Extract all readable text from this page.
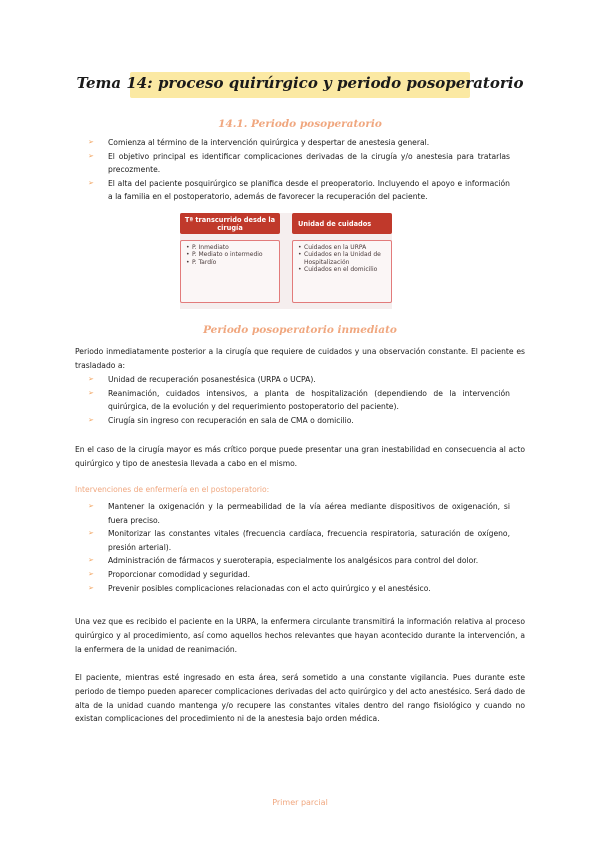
Tema 14: proceso quirúrgico y periodo posoperatorio
14.1. Periodo posoperatorio
➢ Comienza al término de la intervención quirúrgica y despertar de anestesia general.
➢ El objetivo principal es identificar complicaciones derivadas de la cirugía y/o anestesia para tratarlas precozmente.
➢ El alta del paciente posquirúrgico se planifica desde el preoperatorio. Incluyendo el apoyo e información a la familia en el postoperatorio, además de favorecer la recuperación del paciente.
Tª transcurrido desde la cirugía
• P. Inmediato
• P. Mediato o intermedio
• P. Tardío
Unidad de cuidados
• Cuidados en la URPA
• Cuidados en la Unidad de Hospitalización
• Cuidados en el domicilio
Periodo posoperatorio inmediato

Periodo inmediatamente posterior a la cirugía que requiere de cuidados y una observación constante. El paciente es trasladado a:

➢ Unidad de recuperación posanestésica (URPA o UCPA).
➢ Reanimación, cuidados intensivos, a planta de hospitalización (dependiendo de la intervención quirúrgica, de la evolución y del requerimiento postoperatorio del paciente).
➢ Cirugía sin ingreso con recuperación en sala de CMA o domicilio.

En el caso de la cirugía mayor es más crítico porque puede presentar una gran inestabilidad en consecuencia al acto quirúrgico y tipo de anestesia llevada a cabo en el mismo.

Intervenciones de enfermería en el postoperatorio:

➢ Mantener la oxigenación y la permeabilidad de la vía aérea mediante dispositivos de oxigenación, si fuera preciso.
➢ Monitorizar las constantes vitales (frecuencia cardíaca, frecuencia respiratoria, saturación de oxígeno, presión arterial).
➢ Administración de fármacos y sueroterapia, especialmente los analgésicos para control del dolor.
➢ Proporcionar comodidad y seguridad.
➢ Prevenir posibles complicaciones relacionadas con el acto quirúrgico y el anestésico.

Una vez que es recibido el paciente en la URPA, la enfermera circulante transmitirá la información relativa al proceso quirúrgico y al procedimiento, así como aquellos hechos relevantes que hayan acontecido durante la intervención, a la enfermera de la unidad de reanimación.

El paciente, mientras esté ingresado en esta área, será sometido a una constante vigilancia. Pues durante este periodo de tiempo pueden aparecer complicaciones derivadas del acto quirúrgico y del acto anestésico. Será dado de alta de la unidad cuando mantenga y/o recupere las constantes vitales dentro del rango fisiológico y cuando no existan complicaciones del procedimiento ni de la anestesia bajo orden médica.

Primer parcial
